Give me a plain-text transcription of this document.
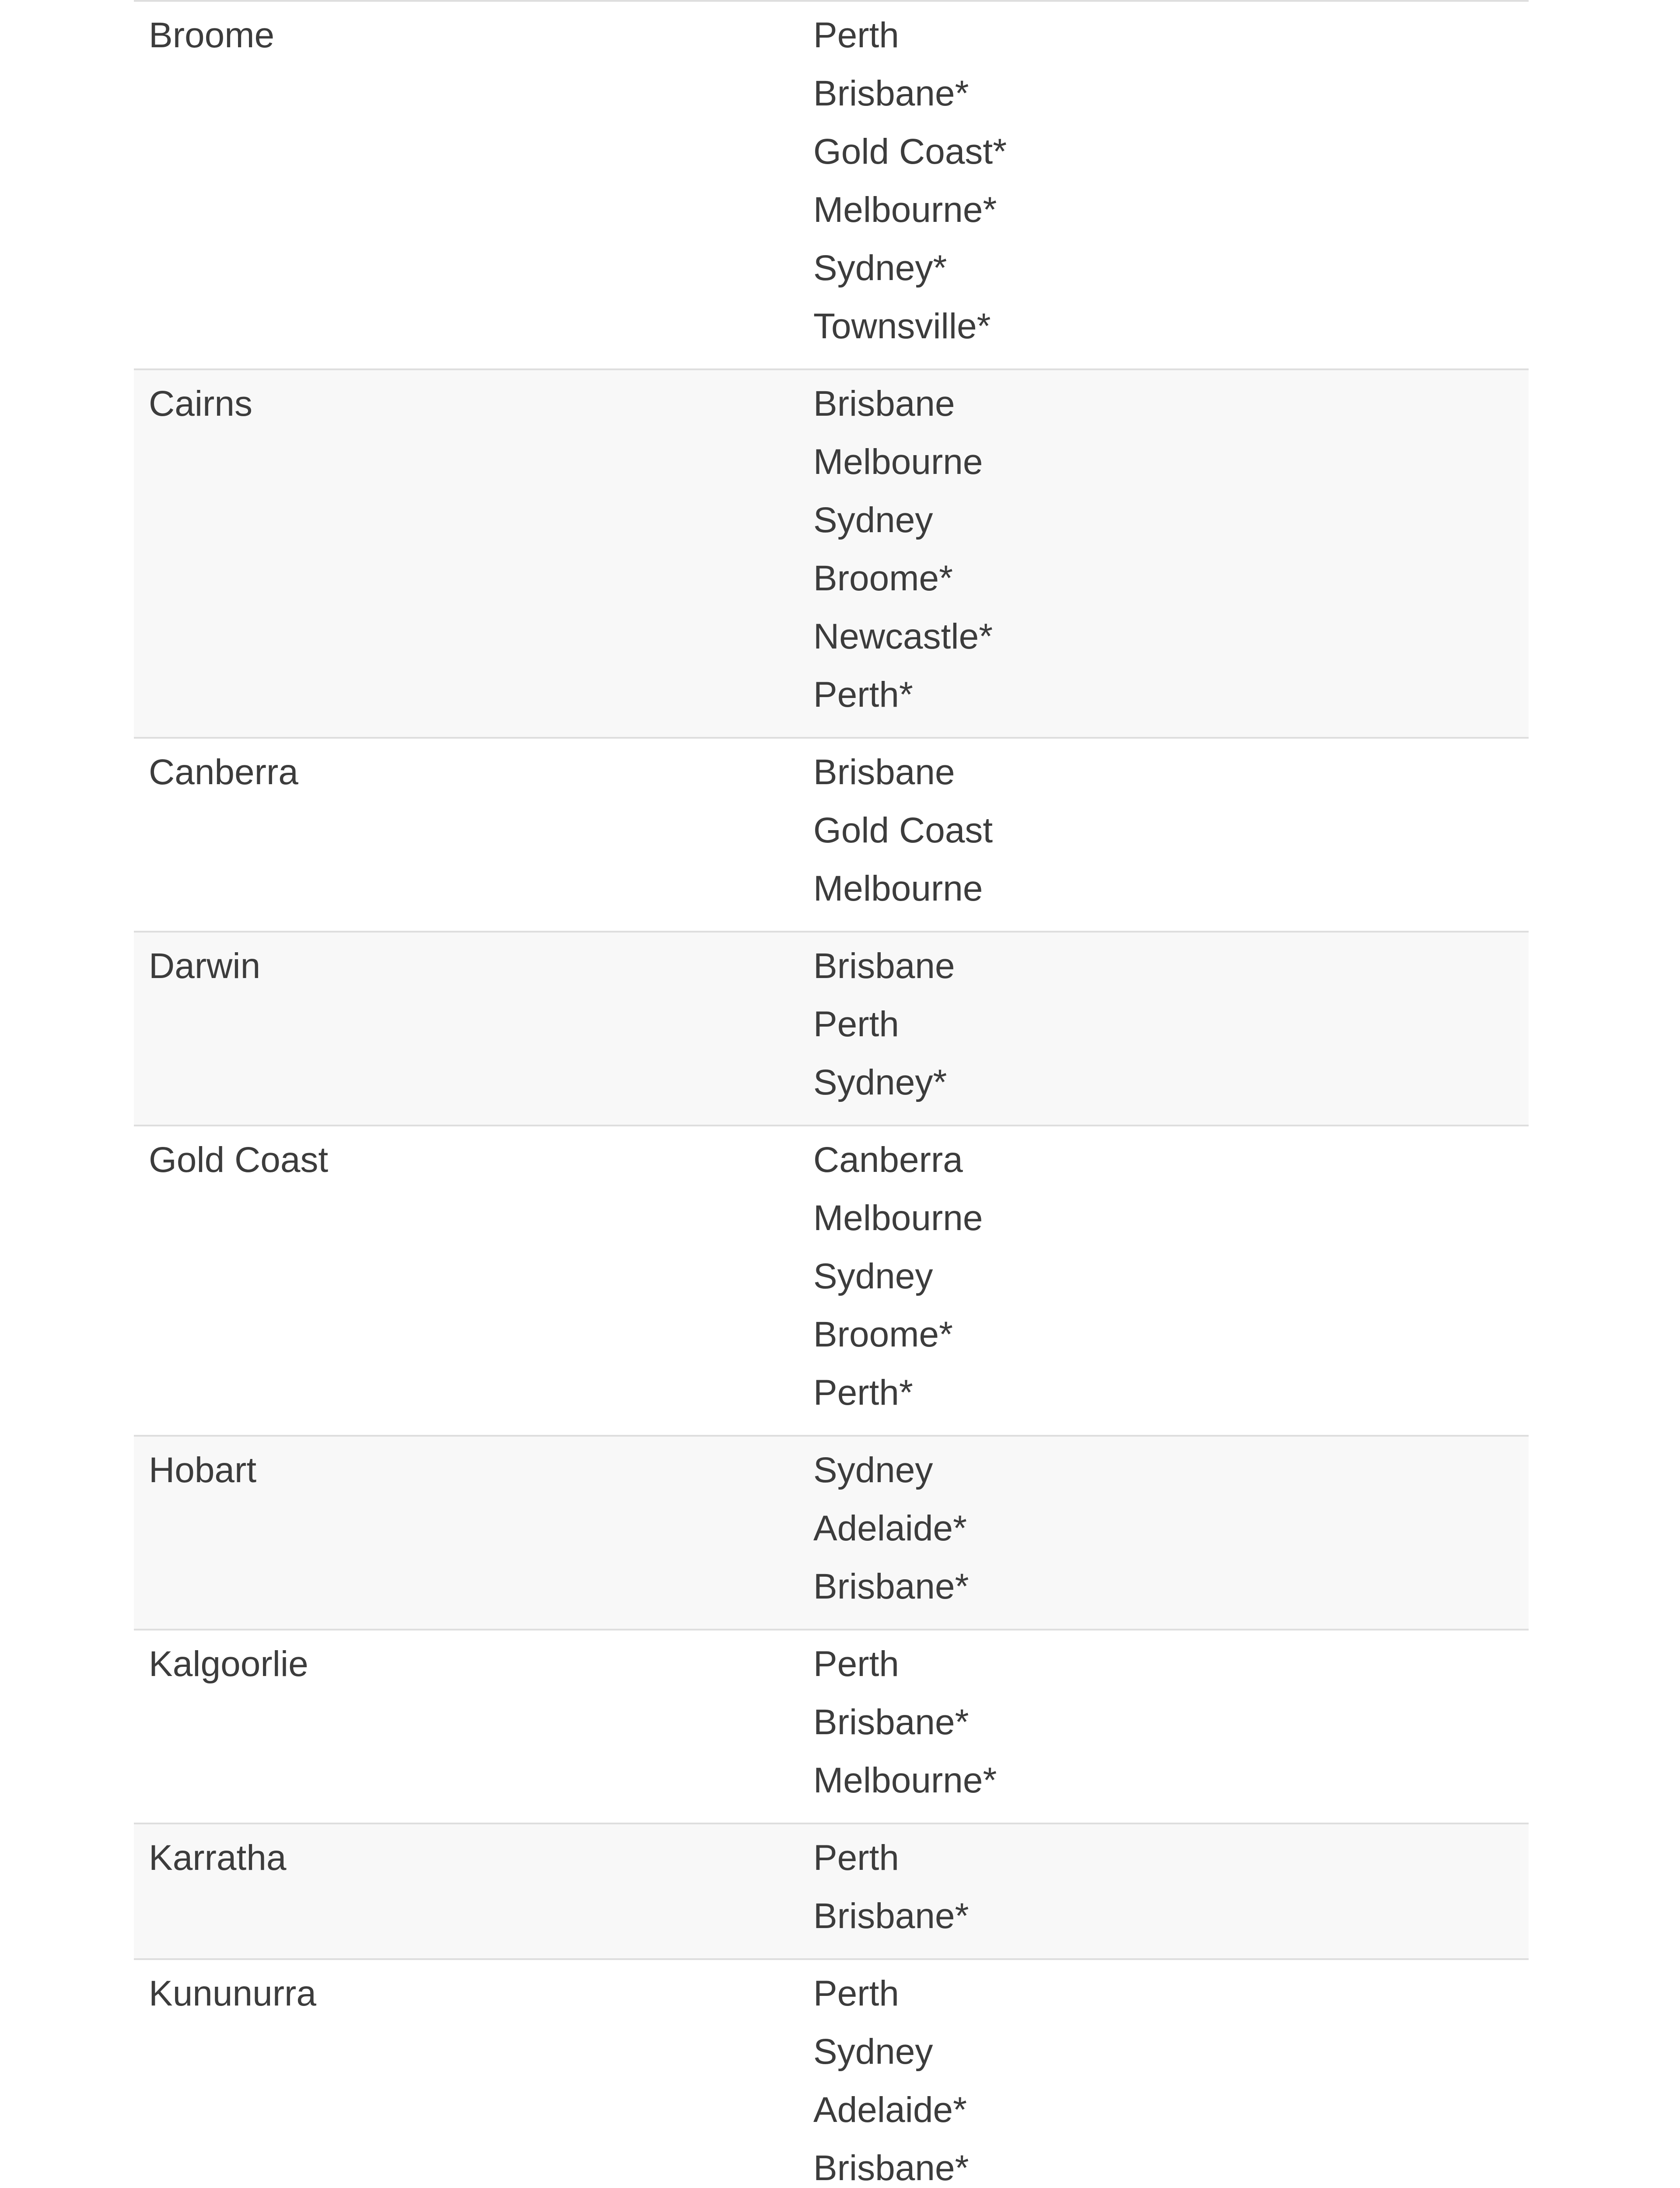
Broome	Perth
Brisbane*
Gold Coast*
Melbourne*
Sydney*
Townsville*
Cairns	Brisbane
Melbourne
Sydney
Broome*
Newcastle*
Perth*
Canberra	Brisbane
Gold Coast
Melbourne
Darwin	Brisbane
Perth
Sydney*
Gold Coast	Canberra
Melbourne
Sydney
Broome*
Perth*
Hobart	Sydney
Adelaide*
Brisbane*
Kalgoorlie	Perth
Brisbane*
Melbourne*
Karratha	Perth
Brisbane*
Kununurra	Perth
Sydney
Adelaide*
Brisbane*
